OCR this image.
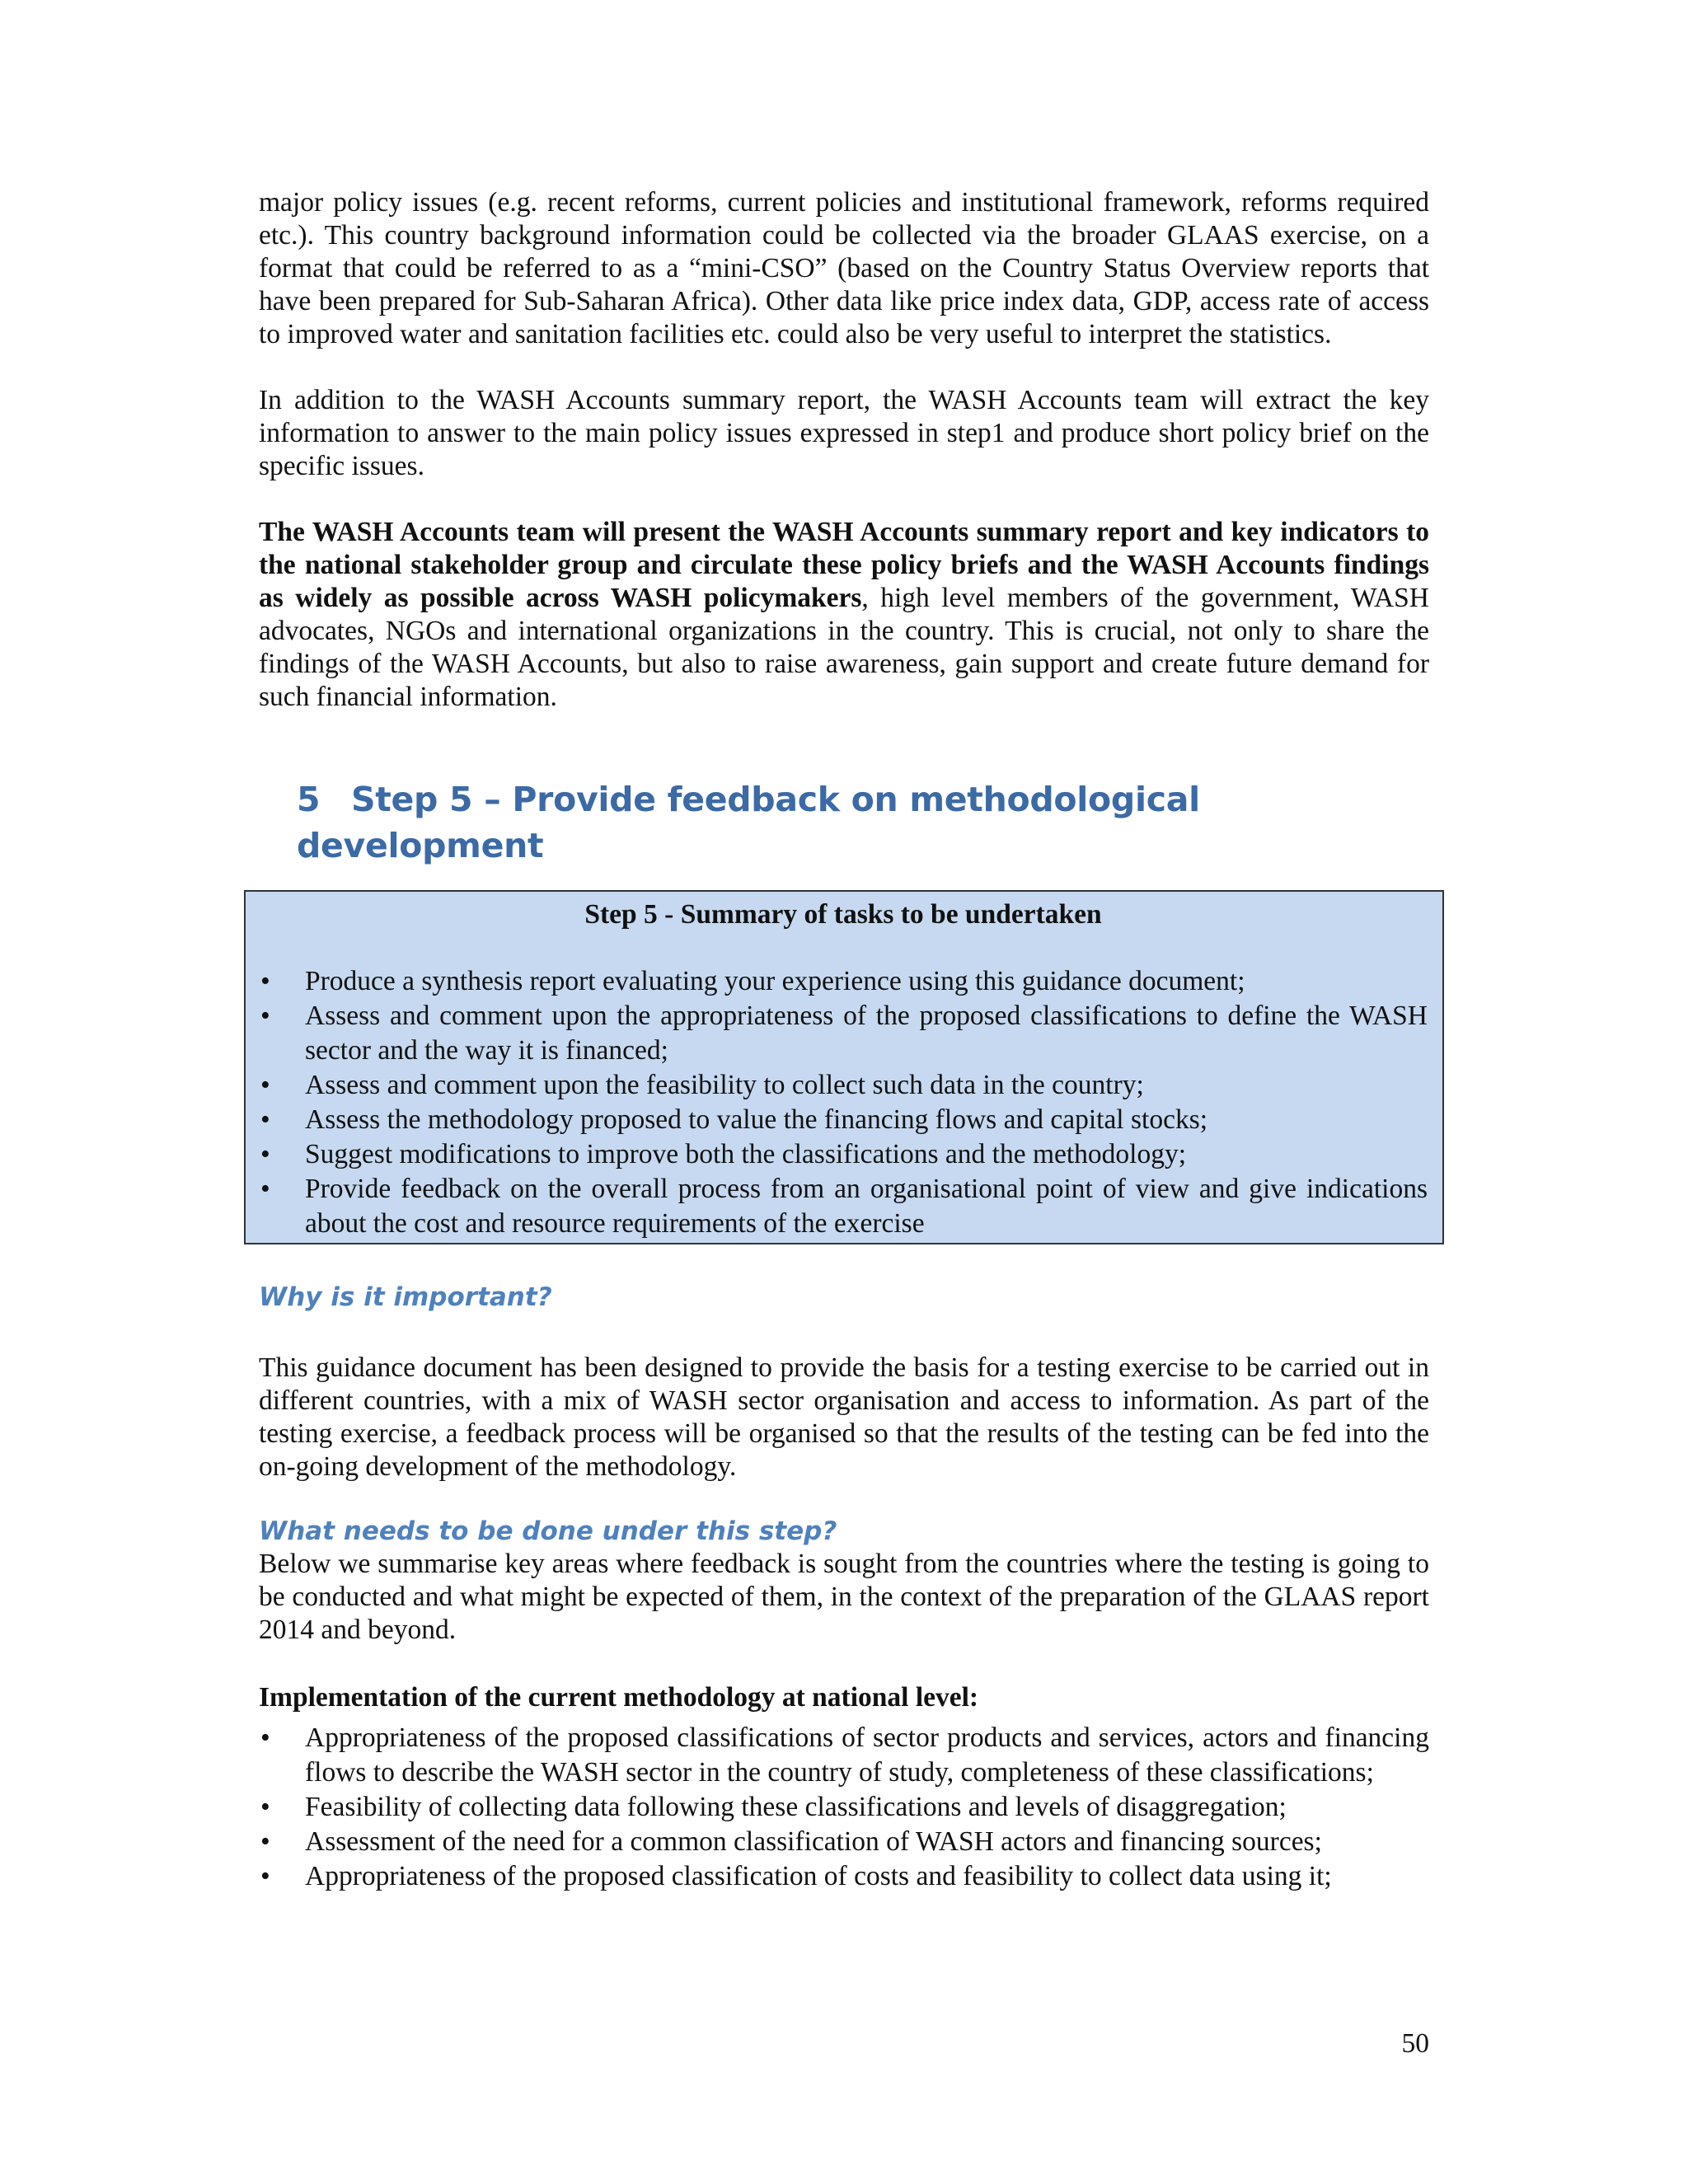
major policy issues (e.g. recent reforms, current policies and institutional framework, reforms required etc.). This country background information could be collected via the broader GLAAS exercise, on a format that could be referred to as a “mini-CSO” (based on the Country Status Overview reports that have been prepared for Sub-Saharan Africa). Other data like price index data, GDP, access rate of access to improved water and sanitation facilities etc. could also be very useful to interpret the statistics.

In addition to the WASH Accounts summary report, the WASH Accounts team will extract the key information to answer to the main policy issues expressed in step1 and produce short policy brief on the specific issues.

The WASH Accounts team will present the WASH Accounts summary report and key indicators to the national stakeholder group and circulate these policy briefs and the WASH Accounts findings as widely as possible across WASH policymakers, high level members of the government, WASH advocates, NGOs and international organizations in the country. This is crucial, not only to share the findings of the WASH Accounts, but also to raise awareness, gain support and create future demand for such financial information.

5 Step 5 – Provide feedback on methodological development
Step 5 - Summary of tasks to be undertaken
• Produce a synthesis report evaluating your experience using this guidance document;
• Assess and comment upon the appropriateness of the proposed classifications to define the WASH sector and the way it is financed;
• Assess and comment upon the feasibility to collect such data in the country;
• Assess the methodology proposed to value the financing flows and capital stocks;
• Suggest modifications to improve both the classifications and the methodology;
• Provide feedback on the overall process from an organisational point of view and give indications about the cost and resource requirements of the exercise
Why is it important?

This guidance document has been designed to provide the basis for a testing exercise to be carried out in different countries, with a mix of WASH sector organisation and access to information. As part of the testing exercise, a feedback process will be organised so that the results of the testing can be fed into the on-going development of the methodology.

What needs to be done under this step?

Below we summarise key areas where feedback is sought from the countries where the testing is going to be conducted and what might be expected of them, in the context of the preparation of the GLAAS report 2014 and beyond.

Implementation of the current methodology at national level:

• Appropriateness of the proposed classifications of sector products and services, actors and financing flows to describe the WASH sector in the country of study, completeness of these classifications;
• Feasibility of collecting data following these classifications and levels of disaggregation;
• Assessment of the need for a common classification of WASH actors and financing sources;
• Appropriateness of the proposed classification of costs and feasibility to collect data using it;
50
